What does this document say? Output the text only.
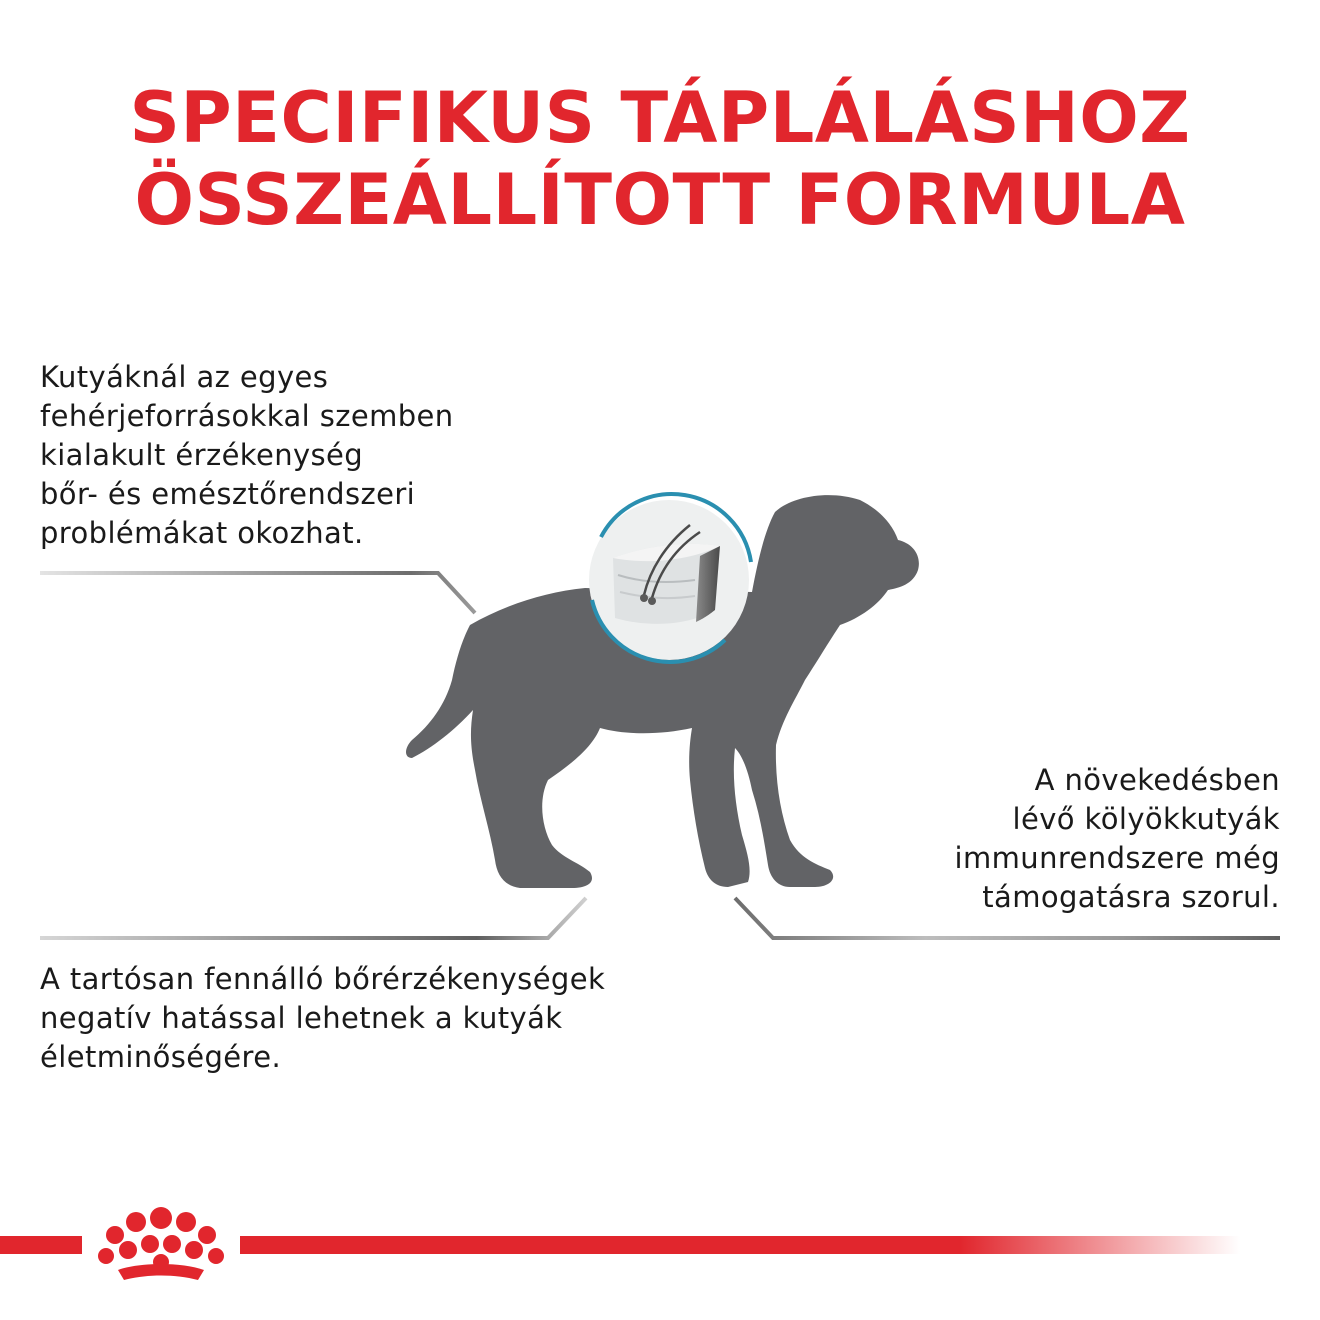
SPECIFIKUS TÁPLÁLÁSHOZ
ÖSSZEÁLLÍTOTT FORMULA
Kutyáknál az egyes
fehérjeforrásokkal szemben
kialakult érzékenység
bőr- és emésztőrendszeri
problémákat okozhat.
A növekedésben
lévő kölyökkutyák
immunrendszere még
támogatásra szorul.
A tartósan fennálló bőrérzékenységek
negatív hatással lehetnek a kutyák
életminőségére.
